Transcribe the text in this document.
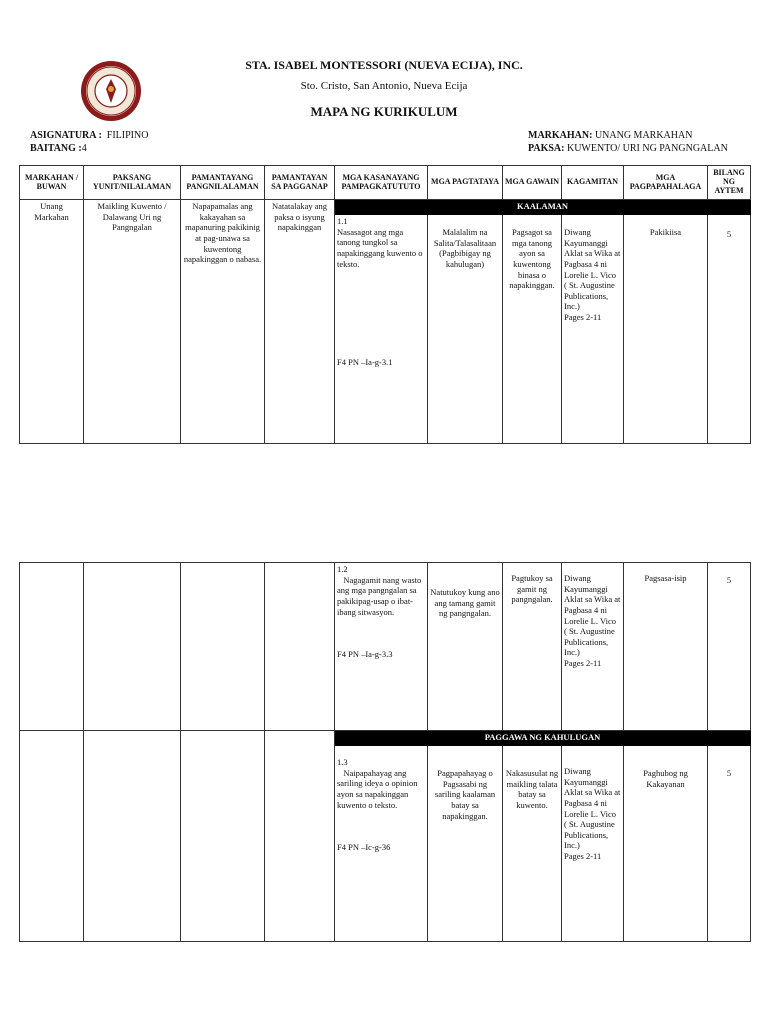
STA. ISABEL MONTESSORI (NUEVA ECIJA), INC.
Sto. Cristo, San Antonio, Nueva Ecija
MAPA NG KURIKULUM
ASIGNATURA : FILIPINO
BAITANG :4
MARKAHAN: UNANG MARKAHAN
PAKSA: KUWENTO/ URI NG PANGNGALAN
MARKAHAN / BUWAN	PAKSANG YUNIT/NILALAMAN	PAMANTAYANG PANGNILALAMAN	PAMANTAYAN SA PAGGANAP	MGA KASANAYANG PAMPAGKATUTUTO	MGA PAGTATAYA	MGA GAWAIN	KAGAMITAN	MGA PAGPAPAHALAGA	BILANG NG AYTEM
Unang Markahan	Maikling Kuwento / Dalawang Uri ng Pangngalan	Napapamalas ang kakayahan sa mapanuring pakikinig at pag-unawa sa kuwentong napakinggan o nabasa.	Natatalakay ang paksa o isyung napakinggan	KAALAMAN					

				1.1
Nasasagot ang mga tanong tungkol sa napakinggang kuwento o teksto.
F4 PN –Ia-g-3.1	Malalalim na Salita/Talasalitaan
(Pagbibigay ng kahulugan)	Pagsagot sa mga tanong ayon sa kuwentong binasa o napakinggan.	Diwang Kayumanggi Aklat sa Wika at Pagbasa 4 ni Lorelie L. Vico
( St. Augustine Publications, Inc.)
Pages 2-11	Pakikiisa	5

				1.2
Nagagamit nang wasto ang mga pangngalan sa pakikipag-usap o ibat-ibang sitwasyon.
F4 PN –Ia-g-3.3	Natutukoy kung ano ang tamang gamit ng pangngalan.	Pagtukoy sa gamit ng pangngalan.	Diwang Kayumanggi Aklat sa Wika at Pagbasa 4 ni Lorelie L. Vico
( St. Augustine Publications, Inc.)
Pages 2-11	Pagsasa-isip	5
				PAGGAWA NG KAHULUGAN					

				1.3
Naipapahayag ang sariling ideya o opinion ayon sa napakinggan kuwento o teksto.
F4 PN –Ic-g-36	Pagpapahayag o Pagsasabi ng sariling kaalaman batay sa napakinggan.	Nakasusulat ng maikling talata batay sa kuwento.	Diwang Kayumanggi Aklat sa Wika at Pagbasa 4 ni Lorelie L. Vico
( St. Augustine Publications, Inc.)
Pages 2-11	Paghubog ng Kakayanan	5
